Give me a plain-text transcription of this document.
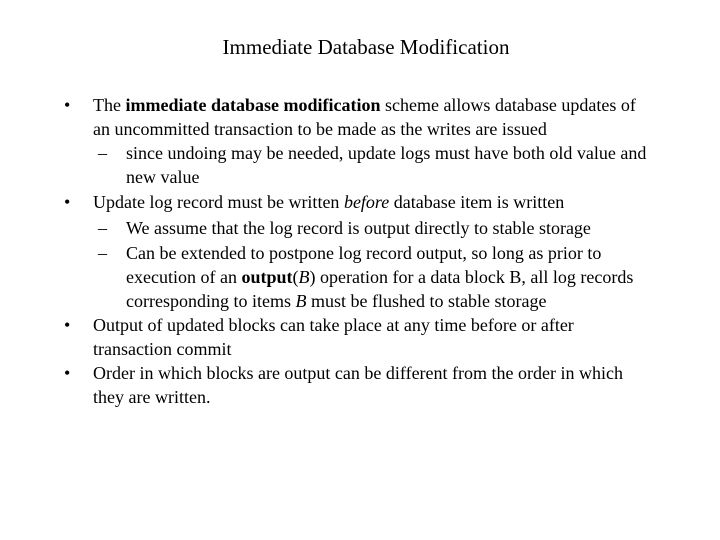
Immediate Database Modification

• The immediate database modification scheme allows database updates of an uncommitted transaction to be made as the writes are issued

– since undoing may be needed, update logs must have both old value and new value

• Update log record must be written before database item is written

– We assume that the log record is output directly to stable storage

– Can be extended to postpone log record output, so long as prior to execution of an output(B) operation for a data block B, all log records corresponding to items B must be flushed to stable storage

• Output of updated blocks can take place at any time before or after transaction commit

• Order in which blocks are output can be different from the order in which they are written.
